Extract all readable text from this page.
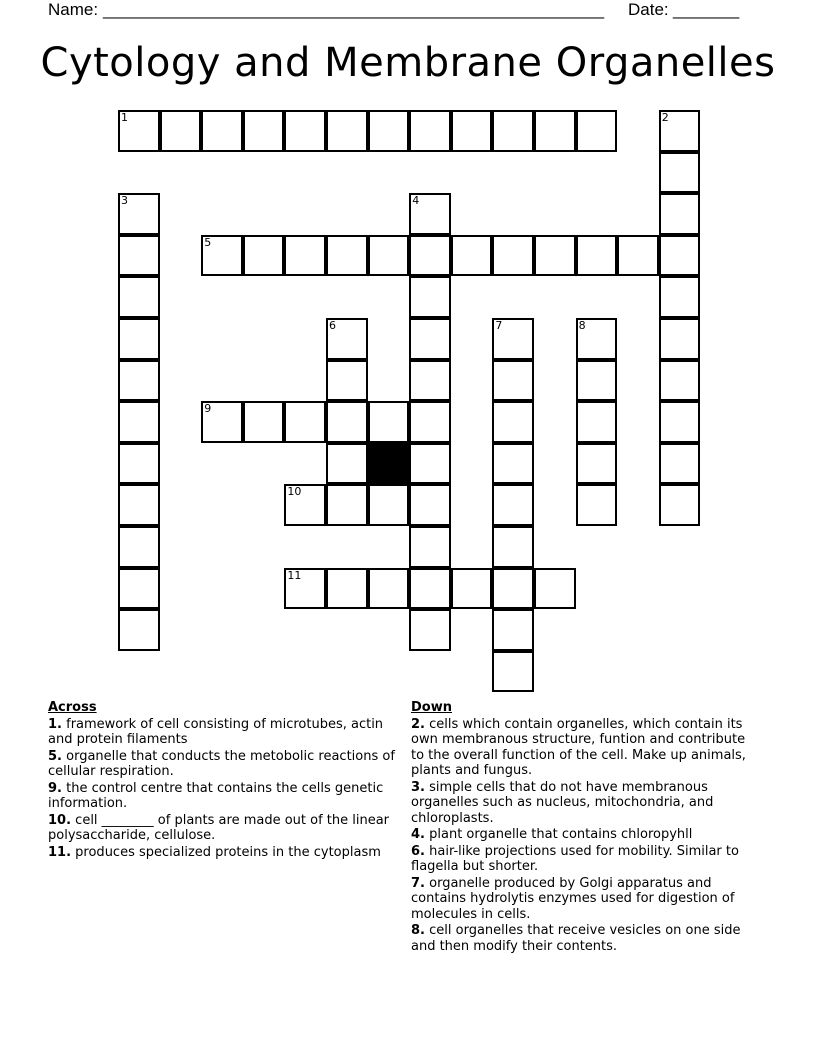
Name: _____________________________________________________ Date: _______
Cytology and Membrane Organelles
1	2
3	4
5
6	7	8
9
10
11
Across
1. framework of cell consisting of microtubes, actin and protein filaments
5. organelle that conducts the metobolic reactions of cellular respiration.
9. the control centre that contains the cells genetic information.
10. cell ________ of plants are made out of the linear polysaccharide, cellulose.
11. produces specialized proteins in the cytoplasm
Down
2. cells which contain organelles, which contain its own membranous structure, funtion and contribute to the overall function of the cell. Make up animals, plants and fungus.
3. simple cells that do not have membranous organelles such as nucleus, mitochondria, and chloroplasts.
4. plant organelle that contains chloropyhll
6. hair-like projections used for mobility. Similar to flagella but shorter.
7. organelle produced by Golgi apparatus and contains hydrolytis enzymes used for digestion of molecules in cells.
8. cell organelles that receive vesicles on one side and then modify their contents.
